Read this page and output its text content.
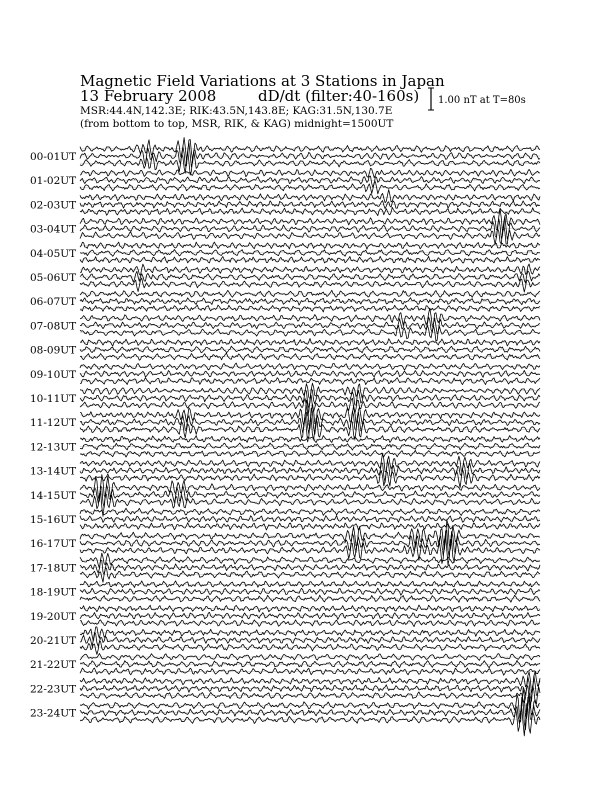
Magnetic Field Variations at 3 Stations in Japan
13 February 2008	dD/dt (filter:40-160s)
MSR:44.4N,142.3E; RIK:43.5N,143.8E; KAG:31.5N,130.7E
(from bottom to top, MSR, RIK, & KAG) midnight=1500UT
1.00 nT at T=80s
00-01UT
01-02UT
02-03UT
03-04UT
04-05UT
05-06UT
06-07UT
07-08UT
08-09UT
09-10UT
10-11UT
11-12UT
12-13UT
13-14UT
14-15UT
15-16UT
16-17UT
17-18UT
18-19UT
19-20UT
20-21UT
21-22UT
22-23UT
23-24UT
